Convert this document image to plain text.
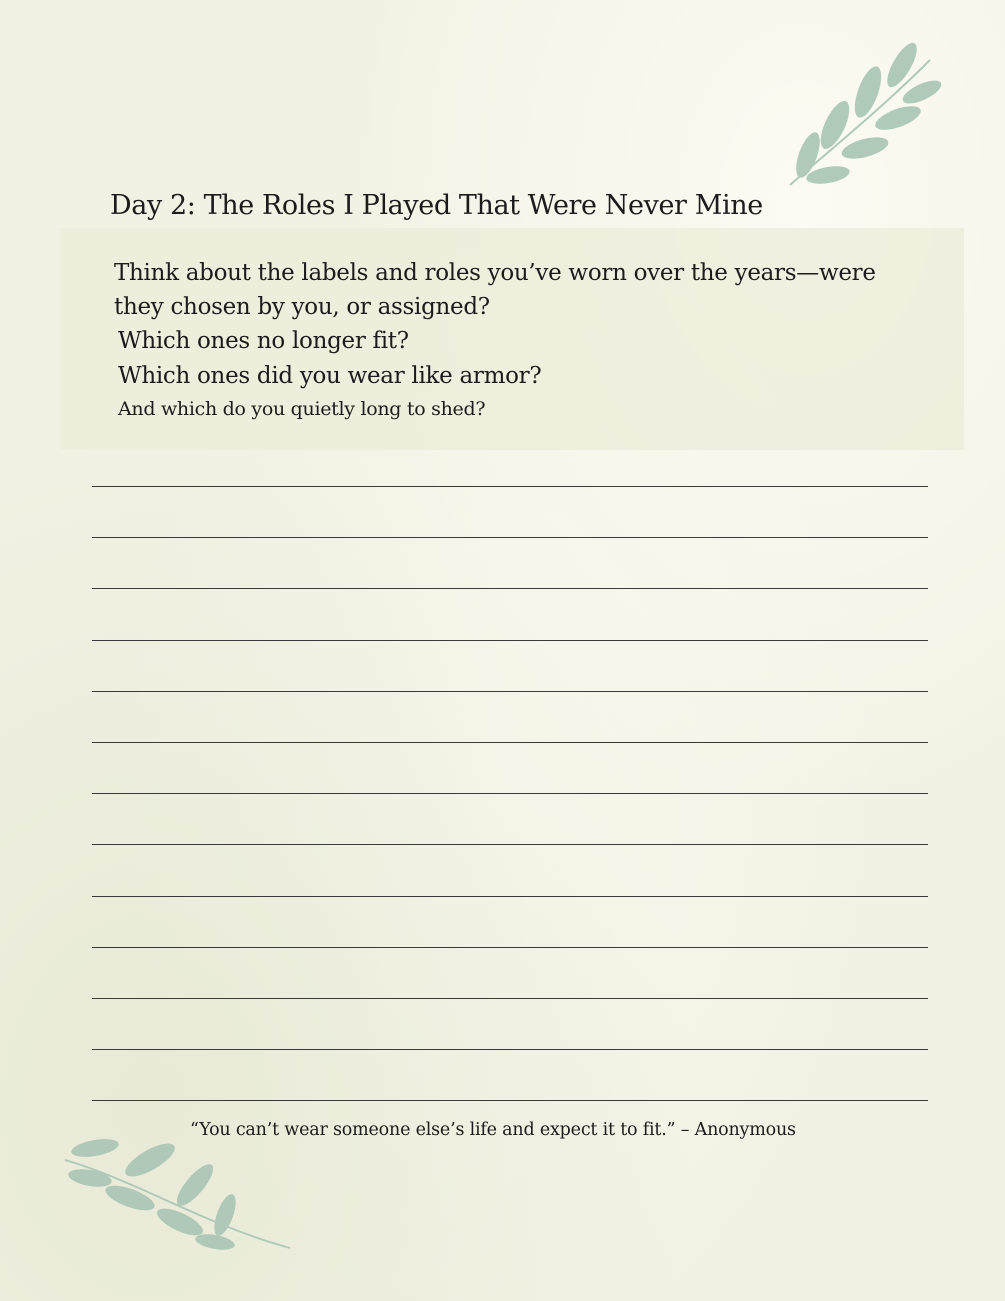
Day 2: The Roles I Played That Were Never Mine
Think about the labels and roles you’ve worn over the years—were
they chosen by you, or assigned?
Which ones no longer fit?
Which ones did you wear like armor?
And which do you quietly long to shed?
“You can’t wear someone else’s life and expect it to fit.” – Anonymous
